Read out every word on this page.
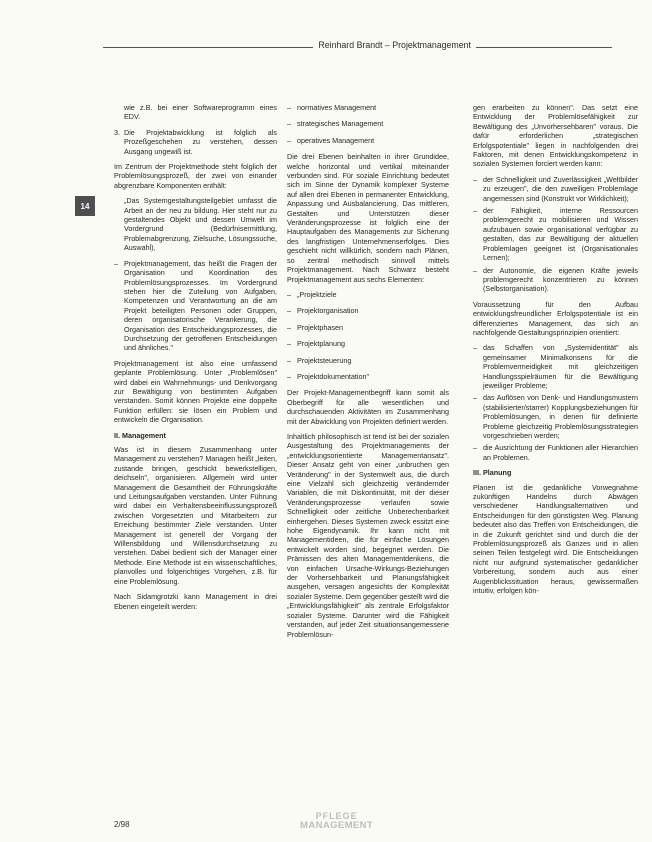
Reinhard Brandt – Projektmanagement
14

wie z.B. bei einer Softwareprogramm eines EDV.

3. Die Projektabwicklung ist folglich als Prozeßgeschehen zu verstehen, dessen Ausgang ungewiß ist.

Im Zentrum der Projektmethode steht folglich der Problemlösungsprozeß, der zwei von einander abgrenzbare Komponenten enthält:

„Das Systemgestaltungsteilgebiet umfasst die Arbeit an der neu zu bildung. Hier steht nur zu gestaltendes Objekt und dessen Umwelt im Vordergrund (Bedürfnisermittlung, Problemabgrenzung, Zielsuche, Lösungssuche, Auswahl),
– Projektmanagement, das heißt die Fragen der Organisation und Koordination des Problemlösungsprozesses. Im Vordergrund stehen hier die Zuteilung von Aufgaben, Kompetenzen und Verantwortung an die am Projekt beteiligten Personen oder Gruppen, deren organisatorische Verankerung, die Organisation des Entscheidungsprozesses, die Durchsetzung der getroffenen Entscheidungen und ähnliches."

Projektmanagement ist also eine umfassend geplante Problemlösung. Unter „Problemlösen" wird dabei ein Wahrnehmungs- und Denkvorgang zur Bewältigung von bestimmten Aufgaben verstanden. Somit können Projekte eine doppelte Funktion erfüllen: sie lösen ein Problem und entwickeln die Organisation.

II. Management

Was ist in diesem Zusammenhang unter Management zu verstehen? Managen heißt „leiten, zustande bringen, geschickt bewerkstelligen, deichseln", organisieren. Allgemein wird unter Management die Gesamtheit der Führungskräfte und Leitungsaufgaben verstanden. Unter Führung wird dabei ein Verhaltensbeeinflussungsprozeß zwischen Vorgesetzten und Mitarbeitern zur Erreichung bestimmter Ziele verstanden. Unter Management ist generell der Vorgang der Willensbildung und Willensdurchsetzung zu verstehen. Dabei bedient sich der Manager einer Methode. Eine Methode ist ein wissenschaftliches, planvolles und folgerichtiges Vorgehen, z.B. für eine Problemlösung.

Nach Sidamgrotzki kann Management in drei Ebenen eingeteilt werden:

– normatives Management
– strategisches Management
– operatives Management

Die drei Ebenen beinhalten in ihrer Grundidee, welche horizontal und vertikal miteinander verbunden sind. Für soziale Einrichtung bedeutet sich im Sinne der Dynamik komplexer Systeme auf allen drei Ebenen in permanenter Entwicklung, Anpassung und Ausbalancierung. Das mittleren, Gestalten und Unterstützen dieser Veränderungsprozesse ist folglich eine der Hauptaufgaben des Managements zur Sicherung des langfristigen Unternehmenserfolges. Dies geschieht nicht willkürlich, sondern nach Plänen, so zentral methodisch sinnvoll mittels Projektmanagement. Nach Schwarz besteht Projektmanagement aus sechs Elementen:

– „Projektziele
– Projektorganisation
– Projektphasen
– Projektplanung
– Projektsteuerung
– Projektdokumentation"

Der Projekt-Managementbegriff kann somit als Oberbegriff für alle wesentlichen und durchschauenden Aktivitäten im Zusammenhang mit der Abwicklung von Projekten definiert werden.

Inhaltlich philosophisch ist tend ist bei der sozialen Ausgestaltung des Projektmanagements der „entwicklungsorientierte Managementansatz". Dieser Ansatz geht von einer „unbruchen gen Veränderung" in der Systemwelt aus, die durch eine Vielzahl sich gleichzeitig verändernder Variablen, die mit Diskontinuität, mit der dieser Veränderungsprozesse verlaufen sowie Schnelligkeit oder zeitliche Unberechenbarkeit einhergehen. Dieses Systemen zweck essitzt eine hohe Eigendynamik. Ihr kann nicht mit Managementideen, die für einfache Lösungen entwickelt worden sind, begegnet werden. Die Prämissen des alten Managementdenkens, die von einfachen Ursache-Wirkungs-Beziehungen der Vorhersehbarkeit und Planungsfähigkeit ausgehen, versagen angesichts der Komplexität sozialer Systeme. Dem gegenüber gestellt wird die „Entwicklungsfähigkeit" als zentrale Erfolgsfaktor sozialer Systeme. Darunter wird die Fähigkeit verstanden, auf jeder Zeit situationsangemessene Problemlösun-

gen erarbeiten zu können". Das setzt eine Entwicklung der Problemlösefähigkeit zur Bewältigung des „Unvorhersehbaren" voraus. Die dafür erforderlichen „strategischen Erfolgspotentiale" liegen in nachfolgenden drei Faktoren, mit denen Entwicklungskompetenz in sozialen Systemen forciert werden kann:

– der Schnelligkeit und Zuverlässigkeit „Weltbilder zu erzeugen", die den zuweiligen Problemlage angemessen sind (Konstrukt vor Wirklichkeit);
– der Fähigkeit, interne Ressourcen problemgerecht zu mobilisieren und Wissen aufzubauen sowie organisational verfügbar zu gestalten, das zur Bewältigung der aktuellen Problemlagen geeignet ist (Organisationales Lernen);
– der Autonomie, die eigenen Kräfte jeweils problemgerecht konzentrieren zu können (Selbstorganisation).

Voraussetzung für den Aufbau entwicklungsfreundlicher Erfolgspotentiale ist ein differenziertes Management, das sich an nachfolgende Gestaltungsprinzipien orientiert:

– das Schaffen von „Systemidentität" als gemeinsamer Minimalkonsens für die Problemvermeidigkeit mit gleichzeitigen Handlungsspielräumen für die Bewältigung jeweiliger Probleme;
– das Auflösen von Denk- und Handlungsmustern (stabilisierter/starrer) Kopplungsbeziehungen für Problemlösungen, in denen für definierte Probleme gleichzeitig Problemlösungsstrategien vorgeschrieben werden;
– die Ausrichtung der Funktionen aller Hierarchien an Problemen.
III. Planung

Planen ist die gedankliche Vorwegnahme zukünftigen Handelns durch Abwägen verschiedener Handlungsalternativen und Entscheidungen für den günstigsten Weg. Planung bedeutet also das Treffen von Entscheidungen, die in die Zukunft gerichtet sind und durch die der Problemlösungsprozeß als Ganzes und in allen seinen Teilen festgelegt wird. Die Entscheidungen nicht nur aufgrund systematischer gedanklicher Vorbereitung, sondern auch aus einer Augenblickssituation heraus, gewissermaßen intuitiv, erfolgen kön-

2/98
PFLEGE
MANAGEMENT
